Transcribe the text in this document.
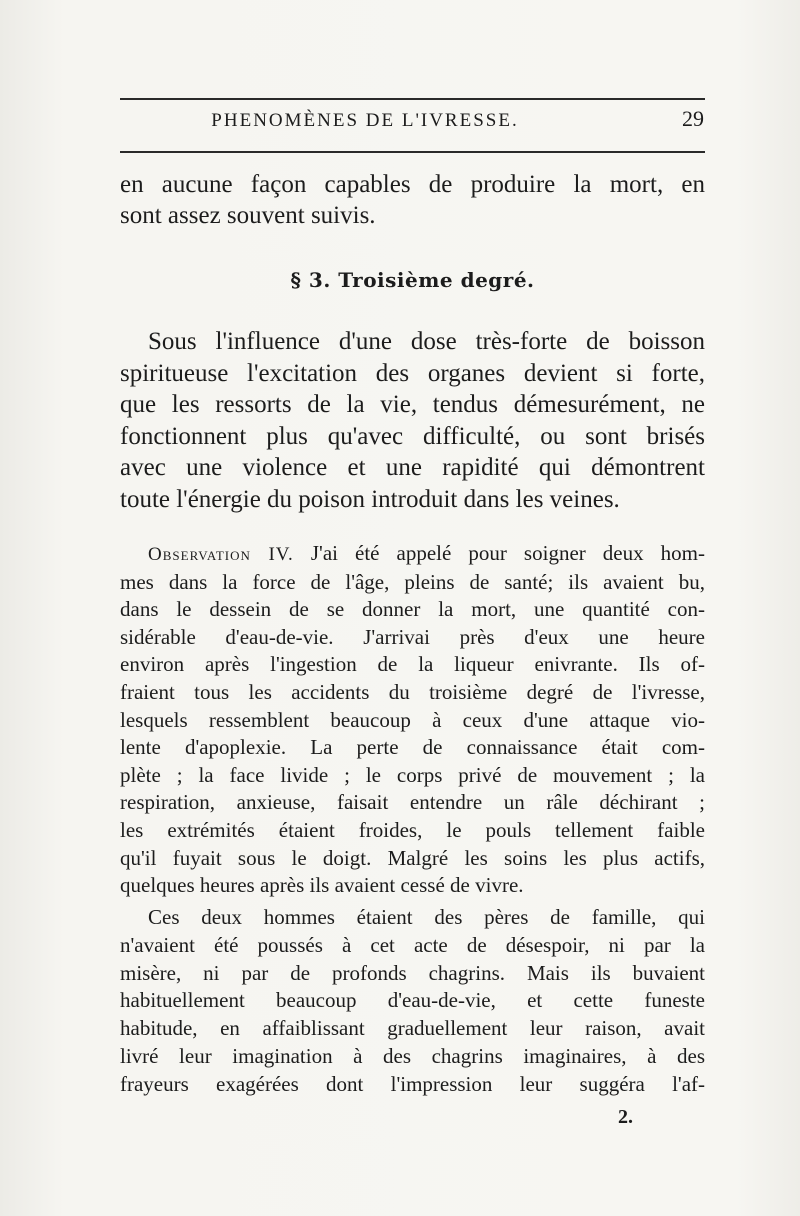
PHENOMÈNES DE L'IVRESSE.	29
en aucune façon capables de produire la mort, en
sont assez souvent suivis.
§ 3. Troisième degré.
Sous l'influence d'une dose très-forte de boisson
spiritueuse l'excitation des organes devient si forte,
que les ressorts de la vie, tendus démesurément, ne
fonctionnent plus qu'avec difficulté, ou sont brisés
avec une violence et une rapidité qui démontrent
toute l'énergie du poison introduit dans les veines.
Observation IV. J'ai été appelé pour soigner deux hom-
mes dans la force de l'âge, pleins de santé; ils avaient bu,
dans le dessein de se donner la mort, une quantité con-
sidérable d'eau-de-vie. J'arrivai près d'eux une heure
environ après l'ingestion de la liqueur enivrante. Ils of-
fraient tous les accidents du troisième degré de l'ivresse,
lesquels ressemblent beaucoup à ceux d'une attaque vio-
lente d'apoplexie. La perte de connaissance était com-
plète ; la face livide ; le corps privé de mouvement ; la
respiration, anxieuse, faisait entendre un râle déchirant ;
les extrémités étaient froides, le pouls tellement faible
qu'il fuyait sous le doigt. Malgré les soins les plus actifs,
quelques heures après ils avaient cessé de vivre.
Ces deux hommes étaient des pères de famille, qui
n'avaient été poussés à cet acte de désespoir, ni par la
misère, ni par de profonds chagrins. Mais ils buvaient
habituellement beaucoup d'eau-de-vie, et cette funeste
habitude, en affaiblissant graduellement leur raison, avait
livré leur imagination à des chagrins imaginaires, à des
frayeurs exagérées dont l'impression leur suggéra l'af-
2.
